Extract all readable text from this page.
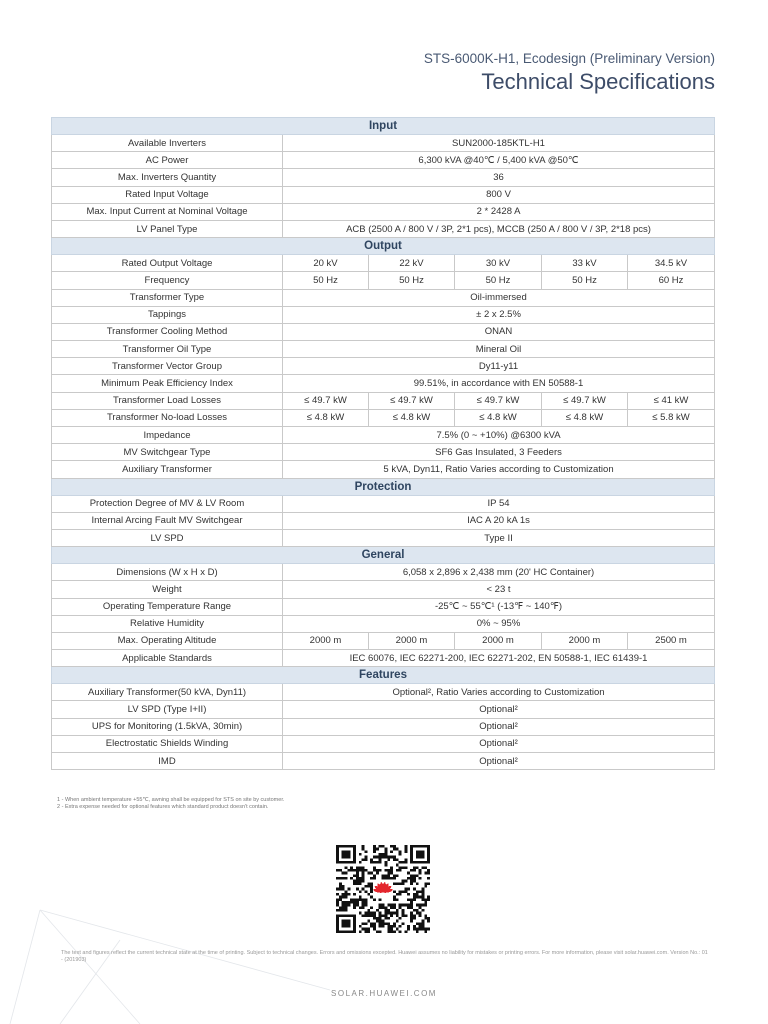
STS-6000K-H1, Ecodesign (Preliminary Version)
Technical Specifications
Input					
Available Inverters	SUN2000-185KTL-H1				
AC Power	6,300 kVA @40℃ / 5,400 kVA @50℃				
Max. Inverters Quantity	36				
Rated Input Voltage	800 V				
Max. Input Current at Nominal Voltage	2 * 2428 A				
LV Panel Type	ACB (2500 A / 800 V / 3P, 2*1 pcs), MCCB (250 A / 800 V / 3P, 2*18 pcs)				
Output					
Rated Output Voltage	20 kV	22 kV	30 kV	33 kV	34.5 kV
Frequency	50 Hz	50 Hz	50 Hz	50 Hz	60 Hz
Transformer Type	Oil-immersed				
Tappings	± 2 x 2.5%				
Transformer Cooling Method	ONAN				
Transformer Oil Type	Mineral Oil				
Transformer Vector Group	Dy11-y11				
Minimum Peak Efficiency Index	99.51%, in accordance with EN 50588-1				
Transformer Load Losses	≤ 49.7 kW	≤ 49.7 kW	≤ 49.7 kW	≤ 49.7 kW	≤ 41 kW
Transformer No-load Losses	≤ 4.8 kW	≤ 4.8 kW	≤ 4.8 kW	≤ 4.8 kW	≤ 5.8 kW
Impedance	7.5% (0 ~ +10%) @6300 kVA				
MV Switchgear Type	SF6 Gas Insulated, 3 Feeders				
Auxiliary Transformer	5 kVA, Dyn11, Ratio Varies according to Customization				
Protection					
Protection Degree of MV & LV Room	IP 54				
Internal Arcing Fault MV Switchgear	IAC A 20 kA 1s				
LV SPD	Type II				
General					
Dimensions (W x H x D)	6,058 x 2,896 x 2,438 mm (20' HC Container)				
Weight	< 23 t				
Operating Temperature Range	-25℃ ~ 55℃¹ (-13℉ ~ 140℉)				
Relative Humidity	0% ~ 95%				
Max. Operating Altitude	2000 m	2000 m	2000 m	2000 m	2500 m
Applicable Standards	IEC 60076, IEC 62271-200, IEC 62271-202, EN 50588-1, IEC 61439-1				
Features					
Auxiliary Transformer(50 kVA, Dyn11)	Optional², Ratio Varies according to Customization				
LV SPD (Type I+II)	Optional²				
UPS for Monitoring (1.5kVA, 30min)	Optional²				
Electrostatic Shields Winding	Optional²				
IMD	Optional²				
1 - When ambient temperature +55℃, awning shall be equipped for STS on site by customer.
2 - Extra expense needed for optional features which standard product doesn't contain.
The text and figures reflect the current technical state at the time of printing. Subject to technical changes. Errors and omissions excepted. Huawei assumes no liability for mistakes or printing errors. For more information, please visit solar.huawei.com. Version No.: 01 - (201903)
SOLAR.HUAWEI.COM
